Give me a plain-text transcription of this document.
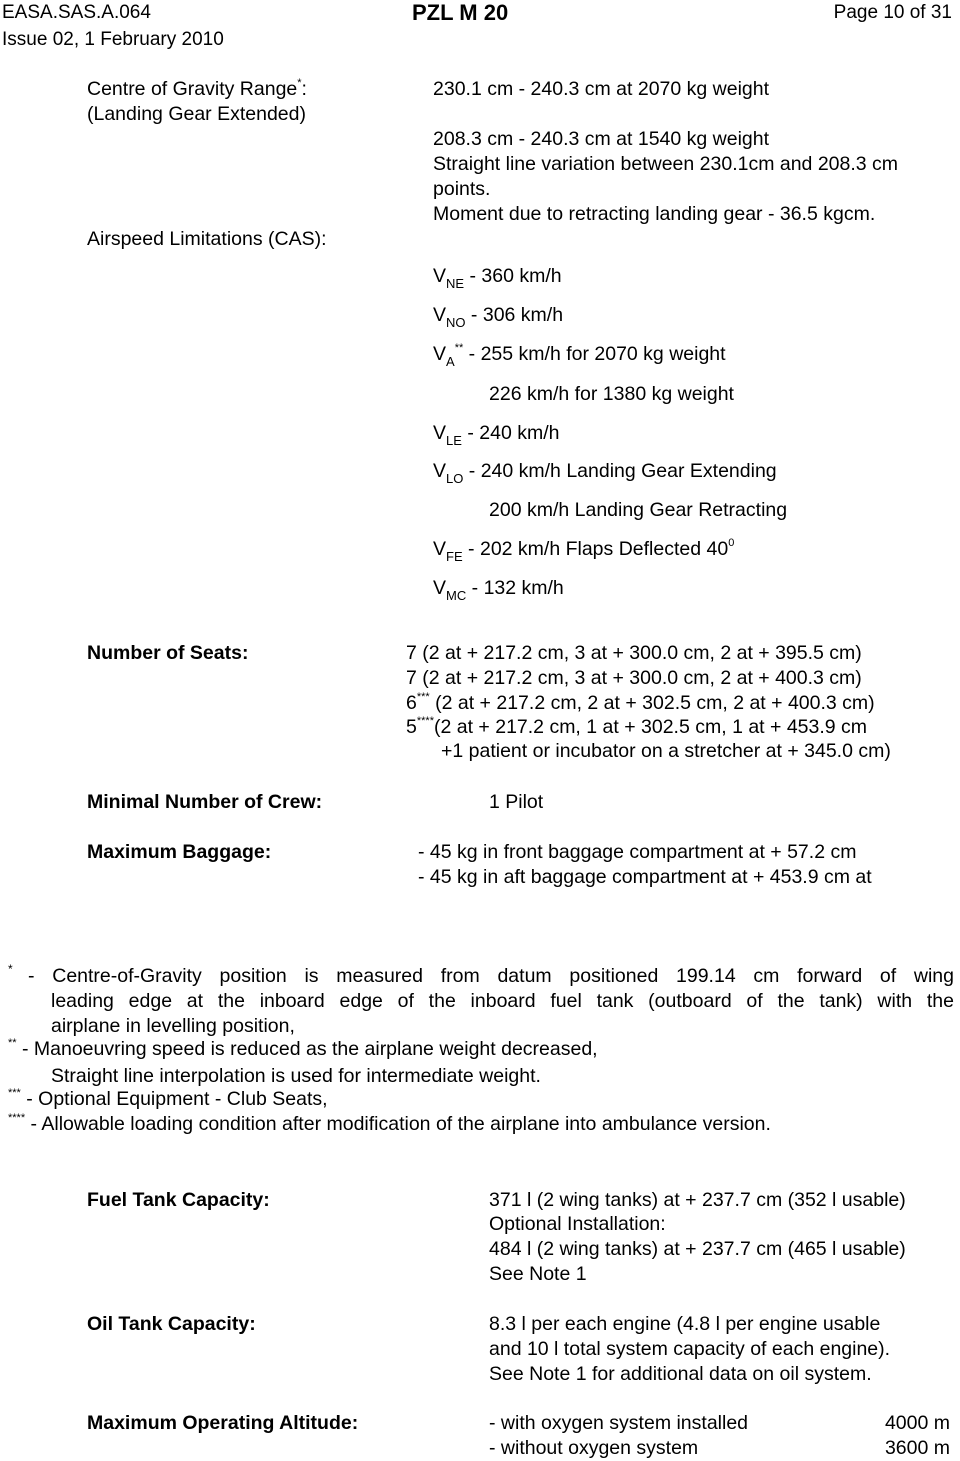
EASA.SAS.A.064	PZL M 20	Page 10 of 31
Issue 02, 1 February 2010
Centre of Gravity Range*:
(Landing Gear Extended)
230.1 cm - 240.3 cm at 2070 kg weight
208.3 cm - 240.3 cm at 1540 kg weight
Straight line variation between 230.1cm and 208.3 cm
points.
Moment due to retracting landing gear - 36.5 kgcm.
Airspeed Limitations (CAS):
$V_{NE} - 360$ km/h
$V_{NO} - 306$ km/h
$V_A^{**} - 255$ km/h for 2070 kg weight
226 km/h for 1380 kg weight
$V_{LE} - 240$ km/h
$V_{LO} - 240$ km/h Landing Gear Extending
200 km/h Landing Gear Retracting
$V_{FE} - 202$ km/h Flaps Deflected $40^0$
$V_{MC} - 132$ km/h
Number of Seats:	7 (2 at + 217.2 cm, 3 at + 300.0 cm, 2 at + 395.5 cm)
7 (2 at + 217.2 cm, 3 at + 300.0 cm, 2 at + 400.3 cm)
6*** (2 at + 217.2 cm, 2 at + 302.5 cm, 2 at + 400.3 cm)
5****(2 at + 217.2 cm, 1 at + 302.5 cm, 1 at + 453.9 cm
+1 patient or incubator on a stretcher at + 345.0 cm)
Minimal Number of Crew:	1 Pilot
Maximum Baggage:	- 45 kg in front baggage compartment at + 57.2 cm
- 45 kg in aft baggage compartment at + 453.9 cm at
* - Centre-of-Gravity position is measured from datum positioned 199.14 cm forward of wing
leading edge at the inboard edge of the inboard fuel tank (outboard of the tank) with the
airplane in levelling position,
** - Manoeuvring speed is reduced as the airplane weight decreased,
Straight line interpolation is used for intermediate weight.
*** - Optional Equipment - Club Seats,
**** - Allowable loading condition after modification of the airplane into ambulance version.
Fuel Tank Capacity:	371 l (2 wing tanks) at + 237.7 cm (352 l usable)
Optional Installation:
484 l (2 wing tanks) at + 237.7 cm (465 l usable)
See Note 1
Oil Tank Capacity:	8.3 l per each engine (4.8 l per engine usable
and 10 l total system capacity of each engine).
See Note 1 for additional data on oil system.
Maximum Operating Altitude:	- with oxygen system installed	4000 m
- without oxygen system	3600 m
